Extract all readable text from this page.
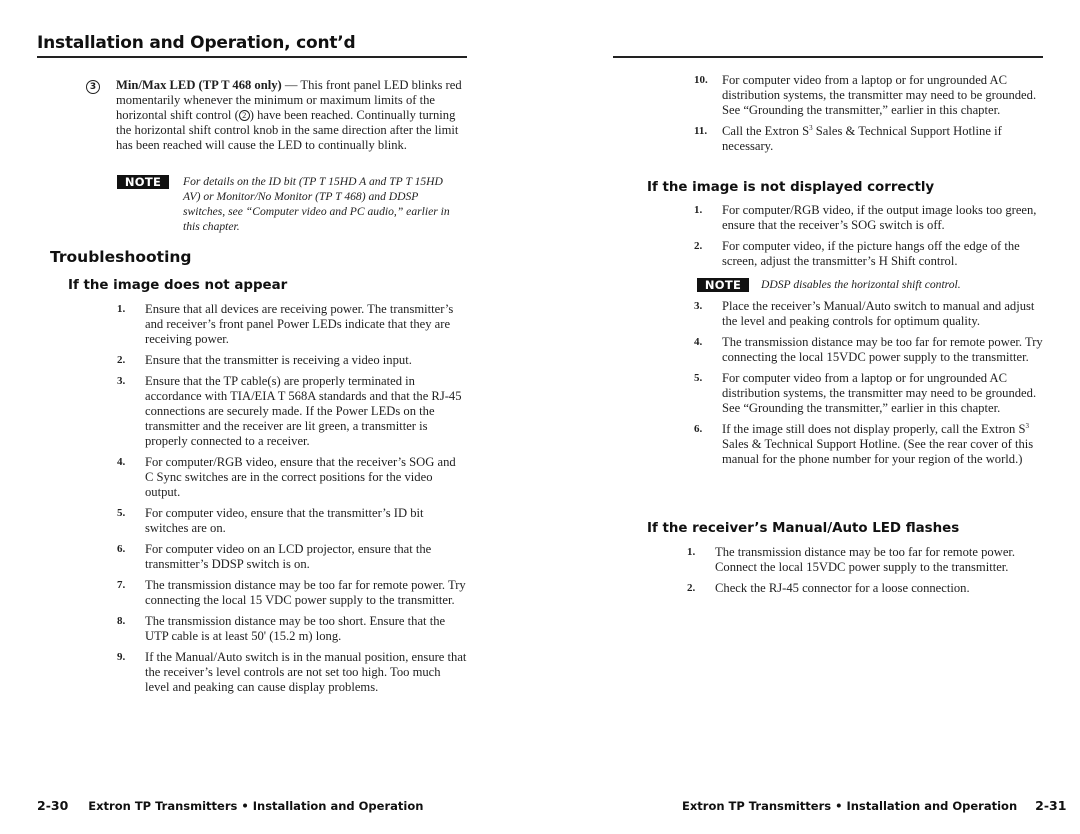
Installation and Operation, cont’d
3	Min/Max LED (TP T 468 only) — This front panel LED blinks red momentarily whenever the minimum or maximum limits of the horizontal shift control ( 2 ) have been reached. Continually turning the horizontal shift control knob in the same direction after the limit has been reached will cause the LED to continually blink.
NOTE	For details on the ID bit (TP T 15HD A and TP T 15HD AV) or Monitor/No Monitor (TP T 468) and DDSP switches, see “Computer video and PC audio,” earlier in this chapter.
Troubleshooting
If the image does not appear
1. Ensure that all devices are receiving power. The transmitter’s and receiver’s front panel Power LEDs indicate that they are receiving power.
2. Ensure that the transmitter is receiving a video input.
3. Ensure that the TP cable(s) are properly terminated in accordance with TIA/EIA T 568A standards and that the RJ-45 connections are securely made. If the Power LEDs on the transmitter and the receiver are lit green, a transmitter is properly connected to a receiver.
4. For computer/RGB video, ensure that the receiver’s SOG and C Sync switches are in the correct positions for the video output.
5. For computer video, ensure that the transmitter’s ID bit switches are on.
6. For computer video on an LCD projector, ensure that the transmitter’s DDSP switch is on.
7. The transmission distance may be too far for remote power. Try connecting the local 15 VDC power supply to the transmitter.
8. The transmission distance may be too short. Ensure that the UTP cable is at least 50' (15.2 m) long.
9. If the Manual/Auto switch is in the manual position, ensure that the receiver’s level controls are not set too high. Too much level and peaking can cause display problems.
10. For computer video from a laptop or for ungrounded AC distribution systems, the transmitter may need to be grounded. See “Grounding the transmitter,” earlier in this chapter.
11. Call the Extron $S^3$ Sales & Technical Support Hotline if necessary.
If the image is not displayed correctly
1. For computer/RGB video, if the output image looks too green, ensure that the receiver’s SOG switch is off.
2. For computer video, if the picture hangs off the edge of the screen, adjust the transmitter’s H Shift control.
NOTE	DDSP disables the horizontal shift control.
3. Place the receiver’s Manual/Auto switch to manual and adjust the level and peaking controls for optimum quality.
4. The transmission distance may be too far for remote power. Try connecting the local 15VDC power supply to the transmitter.
5. For computer video from a laptop or for ungrounded AC distribution systems, the transmitter may need to be grounded. See “Grounding the transmitter,” earlier in this chapter.
6. If the image still does not display properly, call the Extron $S^3$ Sales & Technical Support Hotline. (See the rear cover of this manual for the phone number for your region of the world.)
If the receiver’s Manual/Auto LED flashes
1. The transmission distance may be too far for remote power. Connect the local 15VDC power supply to the transmitter.
2. Check the RJ-45 connector for a loose connection.
2-30 Extron TP Transmitters • Installation and Operation	Extron TP Transmitters • Installation and Operation 2-31
